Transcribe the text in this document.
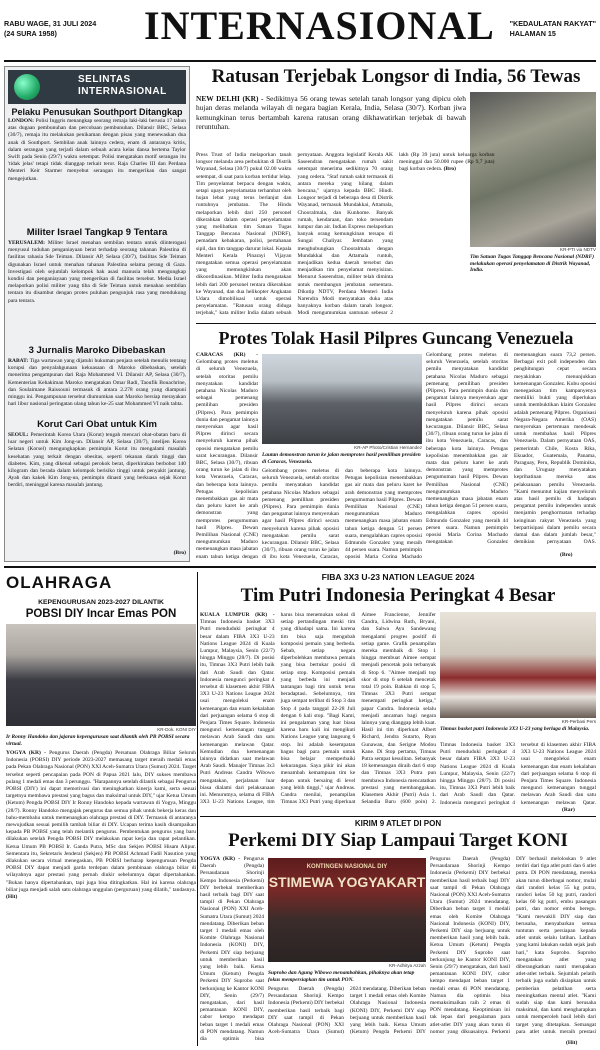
RABU WAGE, 31 JULI 2024
(24 SURA 1958)	INTERNASIONAL "KEDAULATAN RAKYAT"
HALAMAN 15
SELINTAS
INTERNASIONAL
Pelaku Penusukan Southport Ditangkap
LONDON: Polisi Inggris menangkap seorang remaja laki-laki berusia 17 tahun atas dugaan pembunuhan dan percobaan pembunuhan. Dilansir BBC, Selasa (30/7), remaja itu melakukan penikaman dengan pisau yang menewaskan dua anak di Southport. Sembilan anak lainnya cedera, enam di antaranya kritis, dalam serangan yang terjadi dalam sebuah acara kelas dansa bertema Taylor Swift pada Senin (29/7) waktu setempat. Polisi mengatakan motif serangan itu 'tidak jelas' tetapi tidak dianggap terkait teror. Raja Charles III dan Perdana Menteri Keir Starmer menyebut serangan itu mengerikan dan sangat mengejutkan.
Militer Israel Tangkap 9 Tentara
YERUSALEM: Militer Israel menahan sembilan tentara untuk diinterogasi menyusul tuduhan penganiayaan berat terhadap seorang tahanan Palestina di fasilitas rahasia Sde Teiman. Dilansir AP, Selasa (30/7), fasilitas Sde Teiman digunakan Israel untuk menahan tahanan Palestina selama perang di Gaza. Investigasi oleh sejumlah kelompok hak asasi manusia telah mengungkap kondisi dan penganiayaan yang mengerikan di fasilitas tersebut. Media Israel melaporkan polisi militer yang tiba di Sde Teiman untuk menahan sembilan tentara itu disambut dengan protes puluhan pengunjuk rasa yang mendukung para tentara.
3 Jurnalis Maroko Dibebaskan
RABAT: Tiga wartawan yang dijatuhi hukuman penjara setelah menulis tentang korupsi dan penyalahgunaan kekuasaan di Maroko dibebaskan, setelah menerima pengampunan dari Raja Mohammed VI. Dilansir AP, Selasa (30/7), Kementerian Kehakiman Maroko mengatakan Omar Radi, Taoufik Bouachrine, dan Soulaimane Raissouni termasuk di antara 2.278 orang yang diampuni minggu ini. Pengampunan tersebut diumumkan saat Maroko bersiap merayakan hari libur nasional peringatan ulang tahun ke-25 saat Mohammed VI naik tahta.
Korut Cari Obat untuk Kim
SEOUL: Pemerintah Korea Utara (Korut) tengah mencari obat-obatan baru di luar negeri untuk Kim Jong-un. Dilansir AP, Selasa (30/7), intelijen Korea Selatan (Korsel) mengungkapkan pemimpin Korut itu mengalami masalah kesehatan yang terkait dengan obesitas, seperti tekanan darah tinggi dan diabetes. Kim, yang dikenal sebagai perokok berat, diperkirakan berbobot 140 kilogram dan berada dalam kelompok berisiko tinggi untuk penyakit jantung. Ayah dan kakek Kim Jong-un, pemimpin dinasti yang berkuasa sejak Korut berdiri, meninggal karena masalah jantung.
(Bro)
Ratusan Terjebak Longsor di India, 56 Tewas
NEW DELHI (KR) - Sedikitnya 56 orang tewas setelah tanah longsor yang dipicu oleh hujan deras melanda wilayah di negara bagian Kerala, India, Selasa (30/7). Korban jiwa kemungkinan terus bertambah karena ratusan orang dikhawatirkan terjebak di bawah reruntuhan.
KR-PTI via NDTV
Tim Satuan Tugas Tanggap Bencana Nasional (NDRF) melakukan operasi penyelamatan di Distrik Wayanad, India.
Press Trust of India melaporkan tanah longsor melanda area perbukitan di Distrik Wayanad, Selasa (30/7) pukul 02.00 waktu setempat, di saat para korban tertidur lelap. Tim penyelamat berpacu dengan waktu, setapi upaya penyelamatan terhambat oleh hujan lebat yang terus berlanjut dan runtuhnya jembatan. The Hindu melaporkan lebih dari 250 personel dikerahkan dalam operasi penyelamatan yang melibatkan tim Satuan Tugas Tanggap Bencana Nasional (NDRF), pemadam kebakaran, polisi, pertahanan sipil, dan tim tanggap darurat lokal. Kepala Menteri Kerala Pinarayi Vijayan mengatakan semua operasi penyelamatan yang memungkinkan akan dikoordinasikan. Militer India mengatakan lebih dari 200 personel tentara dikerahkan ke Wayanad, dan dua helikopter Angkatan Udara dimobilisasi untuk operasi penyelamatan. "Ratusan orang diduga terjebak," kata militer India dalam sebuah pernyataan. Anggota legislatif Kerala AK Saseendran mengatakan rumah sakit setempat menerima sedikitnya 70 orang yang cedera. "Staf rumah sakit termasuk di antara mereka yang hilang dalam bencana," ujarnya kepada BBC Hindi. Longsor terjadi di beberapa desa di Distrik Wayanad, termasuk Mundakkai, Attamala, Chooralmala, dan Kunhome. Banyak rumah, kendaraan, dan toko tersendam lumpur dan air. Indian Express melaporkan banyak orang kemungkinan tersapu di Sungai Chaliyar. Jembatan yang menghubungkan Chooralmala dengan Mundakkai dan Attamala runtuh, menjadikan kedua daerah tersebut dan menjadikan tim penyelamat menyisiran. Menurut Saseendran, militer telah diminta untuk membangun jembatan sementara. Dikutip NDTV, Perdana Menteri India Narendra Modi menyatakan duka atas banyaknya korban dalam tanah longsor. Modi mengumumkan santunan sebesar 2 lakh (Rp 39 juta) untuk keluarga korban meninggal dan 50.000 rupee (Rp 9,7 juta) bagi korban cedera. (Bro)
Protes Tolak Hasil Pilpres Guncang Venezuela
CARACAS (KR) - Gelombang protes meletus di seluruh Venezuela, setelah otoritas pemilu menyatakan kandidat petahana Nicolas Maduro sebagai pemenang pemilihan presiden (Pilpres). Para pemimpin dunia dan pengamat lainnya menyerukan agar hasil Pilpres dirinci secara menyeluruh karena pihak oposisi mengatakan pemilu sarat kecurangan. Dilansir BBC, Selasa (30/7), ribuan orang turun ke jalan di ibu kota Venezuela, Caracas, dan beberapa kota lainnya. Petugas kepolisian menembakkan gas air mata dan peluru karet ke arah demonstran yang memprotes pengumuman hasil Pilpres. Dewan Pemilihan Nasional (CNE) mengumumkan Maduro memenangkan masa jabatan enam tahun ketiga dengan
KR-AP Photo/Cristian Hernandez
Lautan demonstran turun ke jalan memprotes hasil pemilihan presiden di Caracas, Venezuela.
Gelombang protes meletus di seluruh Venezuela, setelah otoritas pemilu menyatakan kandidat petahana Nicolas Maduro sebagai pemenang pemilihan presiden (Pilpres). Para pemimpin dunia dan pengamat lainnya menyerukan agar hasil Pilpres dirinci secara menyeluruh karena pihak oposisi mengatakan pemilu sarat kecurangan. Dilansir BBC, Selasa (30/7), ribuan orang turun ke jalan di ibu kota Venezuela, Caracas, dan beberapa kota lainnya. Petugas kepolisian menembakkan gas air mata dan peluru karet ke arah demonstran yang memprotes pengumuman hasil Pilpres. Dewan Pemilihan Nasional (CNE) mengumumkan Maduro memenangkan masa jabatan enam tahun ketiga dengan 51 persen suara, mengalahkan capres oposisi Edmundo Gonzalez yang meraih 44 persen suara. Namun pemimpin oposisi Maria Corina Machado
Gelombang protes meletus di seluruh Venezuela, setelah otoritas pemilu menyatakan kandidat petahana Nicolas Maduro sebagai pemenang pemilihan presiden (Pilpres). Para pemimpin dunia dan pengamat lainnya menyerukan agar hasil Pilpres dirinci secara menyeluruh karena pihak oposisi mengatakan pemilu sarat kecurangan. Dilansir BBC, Selasa (30/7), ribuan orang turun ke jalan di ibu kota Venezuela, Caracas, dan beberapa kota lainnya. Petugas kepolisian menembakkan gas air mata dan peluru karet ke arah demonstran yang memprotes pengumuman hasil Pilpres. Dewan Pemilihan Nasional (CNE) mengumumkan Maduro memenangkan masa jabatan enam tahun ketiga dengan 51 persen suara, mengalahkan capres oposisi Edmundo Gonzalez yang meraih 44 persen suara. Namun pemimpin oposisi Maria Corina Machado mengatakan Gonzalez memenangkan suara 73,2 persen. Berbagai exit poll independen dan penghitungan cepat secara meyakinkan menunjukkan kemenangan Gonzalez. Kubu oposisi menegaskan tim kampanyenya memiliki bukti yang diperlukan untuk membuktikan klaim Gonzalez adalah pemenang Pilpres. Organisasi Negara-Negara Amerika (OAS) menyerukan pertemuan mendesak untuk membahas hasil Pilpres Venezuela. Dalam pernyataan OAS, pemerintah Chile, Kosta Rika, Ekuador, Guatemala, Panama, Paraguay, Peru, Republik Dominika, dan Uruguay menyatakan keprihatinan mereka atas pelaksanaan pemilu Venezuela. "Kami menuntut kajian menyeluruh atas hasil pemilu di hadapan pengamat pemilu independen untuk menjamin penghormatan terhadap keinginan rakyat Venezuela yang berpartisipasi dalam pemilu secara damai dan dalam jumlah besar," demikian pernyataan OAS.
(Bro)
OLAHRAGA
KEPENGURUSAN 2023-2027 DILANTIK
POBSI DIY Incar Emas PON
KR-Dok. KONI DIY
Ir Ronny Handoko dan jajaran kepengurusan saat dilantik oleh PB POBSI secara virtual.
YOGYA (KR) - Pengurus Daerah (Pengda) Persatuan Olahraga Biliar Seluruh Indonesia (POBSI) DIY periode 2023-2027 memasang target meraih medali emas pada Pekan Olahraga Nasional (PON) XXI Aceh-Sumatra Utara (Sumut) 2024. Target tersebut seperti pencapaian pada PON di Papua 2021 lalu, DIY sukses membawa pulang 1 medali emas dan 3 perunggu. "Harapannya setelah dilantik sebagai Pengurus POBSI (DIY) ini dapat memotivasi dan meningkatkan kinerja kami, serta sesuai targetnya membawa prestasi yang bagus dan maksimal untuk DIY," ujar Ketua Umum (Ketum) Pengda POBSI DIY Ir Ronny Handoko kepada wartawan di Yogya, Minggu (28/7). Ronny Handoko mengajak pengurus dan semua pihak untuk bekerja keras dan bahu-membahu untuk memenangkan olahraga prestasi di DIY. Termasuk di antaranya mewujudkan sesuai pemilih tambah biliar di DIY. Ucapan terima kasih disampaikan kepada PB POBSI yang telah melantik pengurus. Pembentukan pengurus yang baru dilakukan setelah Pengda POBSI DIY melakukan rapat kerja dan rapat pelantikan. Ketua Umum PB POBSI Ir. Ganda Putra, MSc dan Sekjen POBSI Hisam Alipur. Sementara itu, Sekretaris Jenderal (Sekjen) PB POBSI Achmad Fadil Nasution yang dilakukan secara virtual menegaskan, PB POBSI berharap kepengurusan Pengda POBSI DIY dapat menjadi garda terdepan dalam pembinaan olahraga biliar di wilayahnya agar prestasi yang pernah diukir sebelumnya dapat dipertahankan. "Bukan hanya dipertahankan, tapi juga bisa ditingkatkan. Hal ini karena olahraga biliar juga menjadi salah satu olahraga unggulan (perguruan) yang dilatih," tandasnya. (Hit)
FIBA 3X3 U-23 NATION LEAGUE 2024
Tim Putri Indonesia Peringkat 4 Besar
KUALA LUMPUR (KR) - Timnas Indonesia basket 3X3 Putri menduduki peringkat 4 besar dalam FIBA 3X3 U-23 Nations League 2024 di Kuala Lumpur, Malaysia, Senin (22/7) hingga Minggu (28/7). Di posisi itu, Timnas 3X3 Putri lebih baik dari Arab Saudi dan Qatar. Indonesia mengunci peringkat 4 tersebut di klasemen akhir FIBA 3X3 U-23 Nations League 2024 usai mengoleksi enam kemenangan dan enam kekalahan dari perjuangan selama 6 stop di Penjara Times Square. Indonesia mengunci kemenangan tunggal melawan Arab Saudi dan satu kemenangan melawan Qatar. Kemudian dua kemenangan lainnya didatkan saat melawan Arab Saudi. Manajer Timnas 3x3 Putri Andreas Candra Wibowo mengatakan, perjalanan luar biasa dialami dari pelaksanaan ini. Menurutnya, selama di FIBA 3X3 U-23 Nations League, tim harus bisa menemukan solusi di setiap pertandingan meski tim yang dihadapi sama. Ini karena tim bisa saja mengubah komposisi pemain yang berbeda. Sebab, setiap negara diperbolehkan membawa pemain yang bisa bertukar posisi di setiap stop. Komposisi pemain yang berbeda ini menjadi tantangan bagi tim untuk terus beradaptasi. Sebelumnya, tim juga sempat terlibat di Stop 3 dan Stop 4 pada tanggal 22-28 Juli dengan 6 kali stop. "Bagi Kami, ini pengalaman yang luar biasa karena baru kali ini mengikuti Nations League yang langsung 6 stop. Ini adalah kesempatan bagus bagi para pemain untuk bisa belajar memperbaiki kekurangan. Saya pikir ini akan menambah kemampuan tim ke depan untuk bersaing di level yang lebih tinggi," ujar Andreas. Candra menilai, penampilan Timnas 3X3 Putri yang diperkuat Aimee Francienne, Jennifer Candra, Lidwina Ruth, Bryani, dan Salwa Ayu Sandewang mengalami progres positif di setiap game. Grafik penampilan mereka membaik di Stop 1 hingga membuat Aimee sempat menjadi pencetak poin terbanyak di Stop 6. "Aimee menjadi top skor di stop 6 setelah mencetak total 19 poin. Bahkan di stop 5, Timnas 3X3 Putri sempat menempati peringkat ketiga," papar Candra. Indonesia selalu menjadi ancaman bagi negara lainnya yang dianggap lebih kuat. Hasil ini tim diperkuat Albert Richard, Jendra Sutarto, Ryan Gunawan, dan Serigne Modou Kane. Di Stop pertama, Timnas Putra sempat kesulitan. Sebanyak 18 kemenangan diraih dari 6 stop dan Timnas 3X3 Putra pun membawa Indonesia mencatatkan prestasi yang membanggakan. Klasemen Akhir (Putri) Asia 1. Selandia Baru (600 poin) 2.
KR-Perbasi Pers
Timnas basket putri Indonesia 3X3 U-23 yang berlaga di Malaysia.
Timnas Indonesia basket 3X3 Putri menduduki peringkat 4 besar dalam FIBA 3X3 U-23 Nations League 2024 di Kuala Lumpur, Malaysia, Senin (22/7) hingga Minggu (28/7). Di posisi itu, Timnas 3X3 Putri lebih baik dari Arab Saudi dan Qatar. Indonesia mengunci peringkat 4 tersebut di klasemen akhir FIBA 3X3 U-23 Nations League 2024 usai mengoleksi enam kemenangan dan enam kekalahan dari perjuangan selama 6 stop di Penjara Times Square. Indonesia mengunci kemenangan tunggal melawan Arab Saudi dan satu kemenangan melawan Qatar.
(Rar)
KIRIM 9 ATLET DI PON
Perkemi DIY Siap Lampaui Target KONI
YOGYA (KR) - Pengurus Daerah (Pengda) Persaudaraan Shorinji Kempo Indonesia (Perkemi) DIY berbekal memberikan hasil terbaik bagi DIY saat tampil di Pekan Olahraga Nasional (PON) XXI Aceh-Sumatra Utara (Sumut) 2024 mendatang. Diberikan beban target 1 medali emas oleh Komite Olahraga Nasional Indonesia (KONI) DIY, Perkemi DIY siap berjuang untuk memberikan hasil yang lebih baik. Ketua Umum (Ketum) Pengda Perkemi DIY Suprobo saat berkunjung ke Kantor KONI DIY, Senin (29/7) mengatakan, dari hasil pemantauan KONI DIY, cabor kempo mendapat beban target 1 medali emas di PON mendatang. Namun dia optimis bisa
KONTINGEN NASIONAL DIY
STIMEWA YOGYAKART
KR-Adhitya Azzah
Suprobo dan Agung Wibowo menambahkan, pihaknya akan tetap fokus mempersiapkan tim untuk PON.
Pengurus Daerah (Pengda) Persaudaraan Shorinji Kempo Indonesia (Perkemi) DIY berbekal memberikan hasil terbaik bagi DIY saat tampil di Pekan Olahraga Nasional (PON) XXI Aceh-Sumatra Utara (Sumut) 2024 mendatang. Diberikan beban target 1 medali emas oleh Komite Olahraga Nasional Indonesia (KONI) DIY, Perkemi DIY siap berjuang untuk memberikan hasil yang lebih baik. Ketua Umum (Ketum) Pengda Perkemi DIY
Pengurus Daerah (Pengda) Persaudaraan Shorinji Kempo Indonesia (Perkemi) DIY berbekal memberikan hasil terbaik bagi DIY saat tampil di Pekan Olahraga Nasional (PON) XXI Aceh-Sumatra Utara (Sumut) 2024 mendatang. Diberikan beban target 1 medali emas oleh Komite Olahraga Nasional Indonesia (KONI) DIY, Perkemi DIY siap berjuang untuk memberikan hasil yang lebih baik. Ketua Umum (Ketum) Pengda Perkemi DIY Suprobo saat berkunjung ke Kantor KONI DIY, Senin (29/7) mengatakan, dari hasil pemantauan KONI DIY, cabor kempo mendapat beban target 1 medali emas di PON mendatang. Namun dia optimis bisa memaksimalkan raih 2 emas di PON mendatang. Keoptimisan ini tak lepas dari pengalaman para atlet-atlet DIY yang akan turun di nomor yang dikuasainya. Perkemi DIY berhasil meloloskan 9 atlet terdiri dari tiga atlet putri dan 6 atlet putra. Di PON mendatang, mereka akan turun diberbagai nomor, mulai dari randori kelas 55 kg putra, randori kelas 50 kg putri, randori kelas 60 kg putri, embu pasangan putri, dan nomor embu beregu. "Kami mewakili DIY siap dan berusaha, menyabarkan semua tuntutan serta persiapan kepada atlet untuk selalu latihan. Latihan yang kami lakukan sudah sejak jauh hari," kata Suprobo. Suprobo mengatakan atlet yang diberangkatkan nanti merupakan atlet-atlet terbaik. Sejumlah pelatih terbaik juga sudah disiapkan untuk pemberian pelatihan serta meningkatkan mental atlet. "Kami sudah siap dan kami berusaha maksimal, dan kami mengharapkan untuk memperoleh hasil lebih dari target yang ditetapkan. Semangat para atlet untuk meraih prestasi
(Hit)
